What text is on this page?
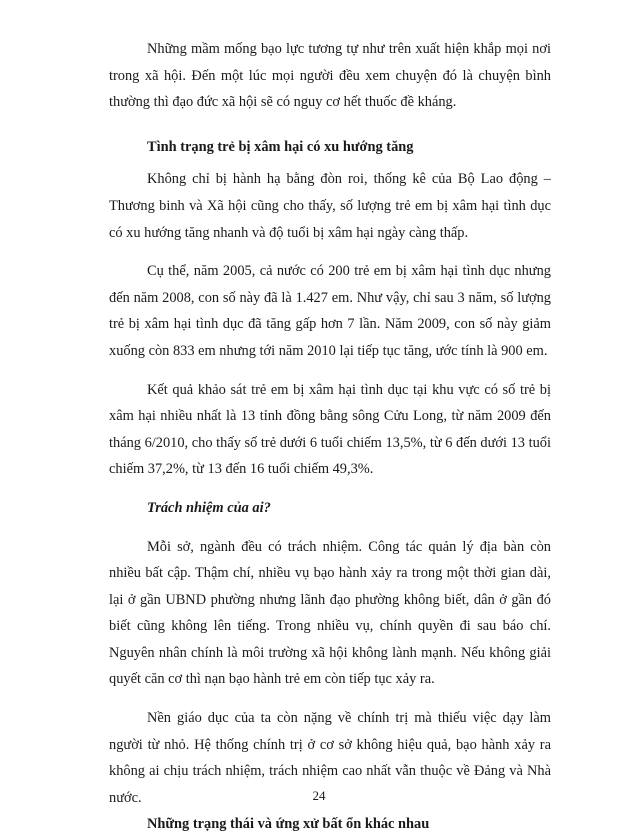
Những mầm mống bạo lực tương tự như trên xuất hiện khắp mọi nơi trong xã hội. Đến một lúc mọi người đều xem chuyện đó là chuyện bình thường thì đạo đức xã hội sẽ có nguy cơ hết thuốc đề kháng.

Tình trạng trẻ bị xâm hại có xu hướng tăng

Không chỉ bị hành hạ bằng đòn roi, thống kê của Bộ Lao động – Thương binh và Xã hội cũng cho thấy, số lượng trẻ em bị xâm hại tình dục có xu hướng tăng nhanh và độ tuổi bị xâm hại ngày càng thấp.

Cụ thể, năm 2005, cả nước có 200 trẻ em bị xâm hại tình dục nhưng đến năm 2008, con số này đã là 1.427 em. Như vậy, chỉ sau 3 năm, số lượng trẻ bị xâm hại tình dục đã tăng gấp hơn 7 lần. Năm 2009, con số này giảm xuống còn 833 em nhưng tới năm 2010 lại tiếp tục tăng, ước tính là 900 em.

Kết quả khảo sát trẻ em bị xâm hại tình dục tại khu vực có số trẻ bị xâm hại nhiều nhất là 13 tỉnh đồng bằng sông Cửu Long, từ năm 2009 đến tháng 6/2010, cho thấy số trẻ dưới 6 tuổi chiếm 13,5%, từ 6 đến dưới 13 tuổi chiếm 37,2%, từ 13 đến 16 tuổi chiếm 49,3%.

Trách nhiệm của ai?

Mỗi sở, ngành đều có trách nhiệm. Công tác quản lý địa bàn còn nhiều bất cập. Thậm chí, nhiều vụ bạo hành xảy ra trong một thời gian dài, lại ở gần UBND phường nhưng lãnh đạo phường không biết, dân ở gần đó biết cũng không lên tiếng. Trong nhiều vụ, chính quyền đi sau báo chí. Nguyên nhân chính là môi trường xã hội không lành mạnh. Nếu không giải quyết căn cơ thì nạn bạo hành trẻ em còn tiếp tục xảy ra.

Nền giáo dục của ta còn nặng về chính trị mà thiếu việc dạy làm người từ nhỏ. Hệ thống chính trị ở cơ sở không hiệu quả, bạo hành xảy ra không ai chịu trách nhiệm, trách nhiệm cao nhất vẫn thuộc về Đảng và Nhà nước.

Những trạng thái và ứng xử bất ổn khác nhau

24
